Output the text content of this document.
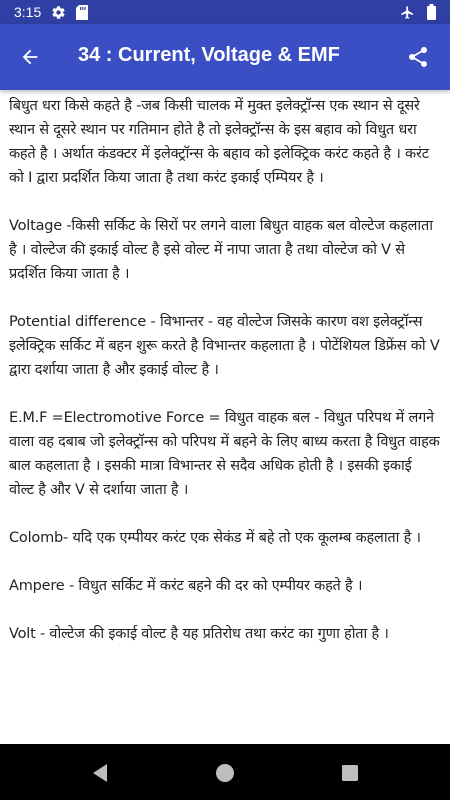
3:15
34 : Current, Voltage & EMF

बिधुत धरा किसे कहते है -जब किसी चालक में मुक्त इलेक्ट्रॉन्स एक स्थान से दूसरे स्थान से दूसरे स्थान पर गतिमान होते है तो इलेक्ट्रॉन्स के इस बहाव को विधुत धरा कहते है । अर्थात कंडक्टर में इलेक्ट्रॉन्स के बहाव को इलेक्ट्रिक करंट कहते है । करंट को I द्वारा प्रदर्शित किया जाता है तथा करंट इकाई एम्पियर है ।

Voltage -किसी सर्किट के सिरों पर लगने वाला बिधुत वाहक बल वोल्टेज कहलाता है । वोल्टेज की इकाई वोल्ट है इसे वोल्ट में नापा जाता है तथा वोल्टेज को V से प्रदर्शित किया जाता है ।

Potential difference - विभान्तर - वह वोल्टेज जिसके कारण वश इलेक्ट्रॉन्स इलेक्ट्रिक सर्किट में बहन शुरू करते है विभान्तर कहलाता है । पोटेंशियल डिफ्रेंस को V द्वारा दर्शाया जाता है और इकाई वोल्ट है ।

E.M.F =Electromotive Force = विधुत वाहक बल - विधुत परिपथ में लगने वाला वह दबाब जो इलेक्ट्रॉन्स को परिपथ में बहने के लिए बाध्य करता है विधुत वाहक बाल कहलाता है । इसकी मात्रा विभान्तर से सदैव अधिक होती है । इसकी इकाई वोल्ट है और V से दर्शाया जाता है ।

Colomb- यदि एक एम्पीयर करंट एक सेकंड में बहे तो एक कूलम्ब कहलाता है ।

Ampere - विधुत सर्किट में करंट बहने की दर को एम्पीयर कहते है ।

Volt - वोल्टेज की इकाई वोल्ट है यह प्रतिरोध तथा करंट का गुणा होता है ।
